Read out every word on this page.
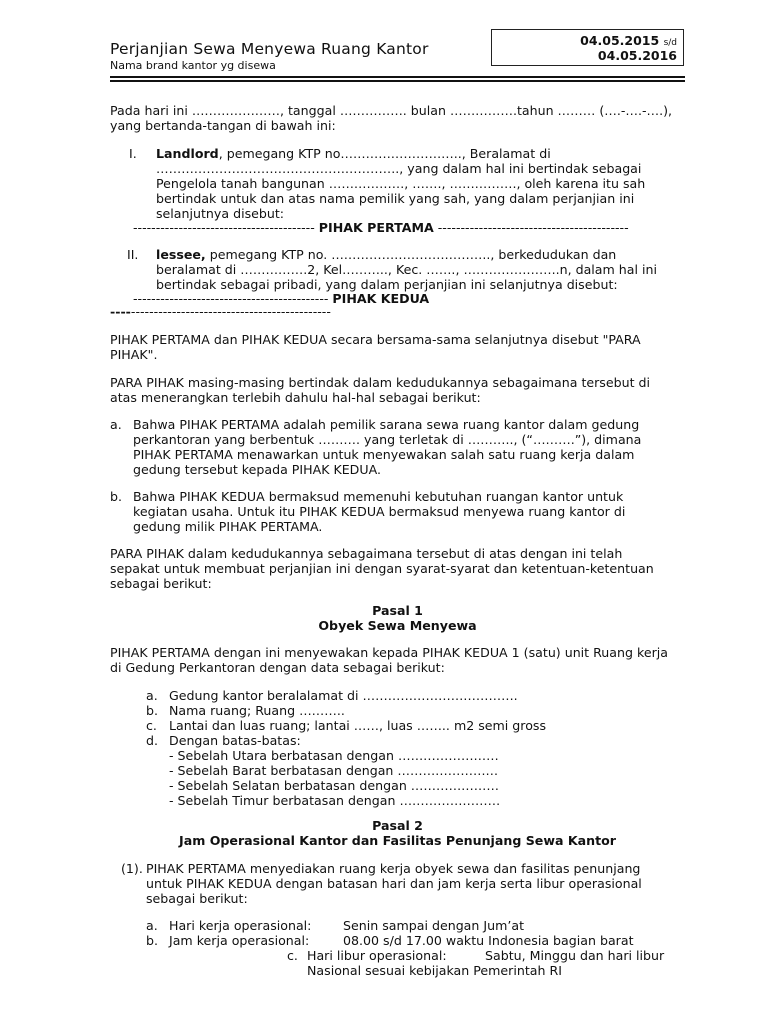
Perjanjian Sewa Menyewa Ruang Kantor
Nama brand kantor yg disewa
04.05.2015 s/d
04.05.2016
Pada hari ini …………………, tanggal ……………. bulan …………….tahun ……… (….-….-….),
yang bertanda-tangan di bawah ini:
I. Landlord, pemegang KTP no……………………….., Beralamat di
…………………………………………………., yang dalam hal ini bertindak sebagai
Pengelola tanah bangunan ………………, ……., ……………., oleh karena itu sah
bertindak untuk dan atas nama pemilik yang sah, yang dalam perjanjian ini
selanjutnya disebut:
---------------------------------------- PIHAK PERTAMA ------------------------------------------
II. lessee, pemegang KTP no. ……………………………….., berkedudukan dan
beralamat di …………….2, Kel……….., Kec. ……., …………………..n, dalam hal ini
bertindak sebagai pribadi, yang dalam perjanjian ini selanjutnya disebut:
------------------------------------------- PIHAK KEDUA
------------------------------------------------
PIHAK PERTAMA dan PIHAK KEDUA secara bersama-sama selanjutnya disebut "PARA
PIHAK".
PARA PIHAK masing-masing bertindak dalam kedudukannya sebagaimana tersebut di
atas menerangkan terlebih dahulu hal-hal sebagai berikut:
a. Bahwa PIHAK PERTAMA adalah pemilik sarana sewa ruang kantor dalam gedung
perkantoran yang berbentuk ………. yang terletak di ……….., (“……….”), dimana
PIHAK PERTAMA menawarkan untuk menyewakan salah satu ruang kerja dalam
gedung tersebut kepada PIHAK KEDUA.
b. Bahwa PIHAK KEDUA bermaksud memenuhi kebutuhan ruangan kantor untuk
kegiatan usaha. Untuk itu PIHAK KEDUA bermaksud menyewa ruang kantor di
gedung milik PIHAK PERTAMA.
PARA PIHAK dalam kedudukannya sebagaimana tersebut di atas dengan ini telah
sepakat untuk membuat perjanjian ini dengan syarat-syarat dan ketentuan-ketentuan
sebagai berikut:
Pasal 1
Obyek Sewa Menyewa
PIHAK PERTAMA dengan ini menyewakan kepada PIHAK KEDUA 1 (satu) unit Ruang kerja
di Gedung Perkantoran dengan data sebagai berikut:
a. Gedung kantor beralalamat di ……………………………….
b. Nama ruang; Ruang ………..
c. Lantai dan luas ruang; lantai ……, luas …….. m2 semi gross
d. Dengan batas-batas:
- Sebelah Utara berbatasan dengan ……………………
- Sebelah Barat berbatasan dengan ……………………
- Sebelah Selatan berbatasan dengan …………………
- Sebelah Timur berbatasan dengan ……………………
Pasal 2
Jam Operasional Kantor dan Fasilitas Penunjang Sewa Kantor
(1). PIHAK PERTAMA menyediakan ruang kerja obyek sewa dan fasilitas penunjang
untuk PIHAK KEDUA dengan batasan hari dan jam kerja serta libur operasional
sebagai berikut:
a. Hari kerja operasional:	Senin sampai dengan Jum’at
b. Jam kerja operasional:	08.00 s/d 17.00 waktu Indonesia bagian barat
c. Hari libur operasional:	Sabtu, Minggu dan hari libur
Nasional sesuai kebijakan Pemerintah RI
